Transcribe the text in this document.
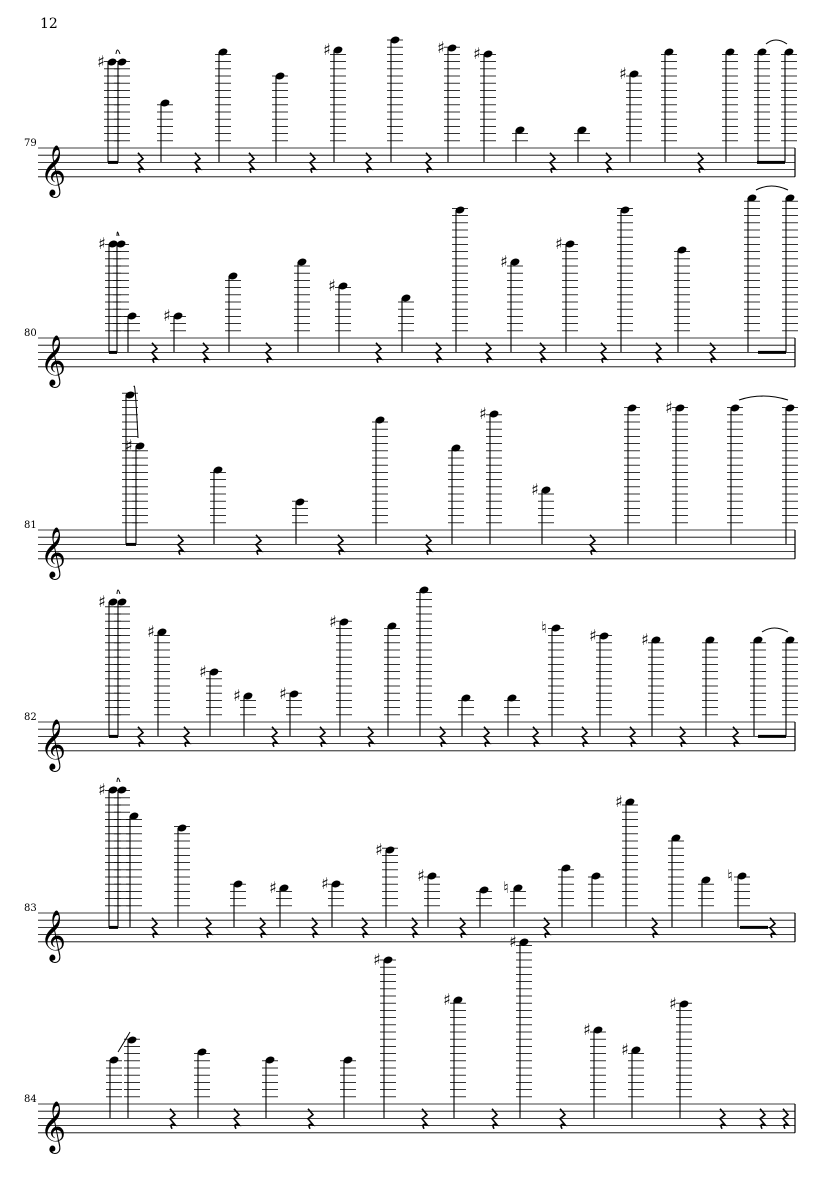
12
79
𝄞
♯
♯	♯ ♯
♯
80
𝄞
♯
♯
♯
♯
♯
81
𝄞
♯
♯
♯
♯
82
𝄞
♯
♯
♯
♯ ♯
♯	♮	♯	♯
83
𝄞
♯
♯	♯
♯
♯
♮
♯
♮
84
𝄞
♯
♯
♯
♯
♯
♯
